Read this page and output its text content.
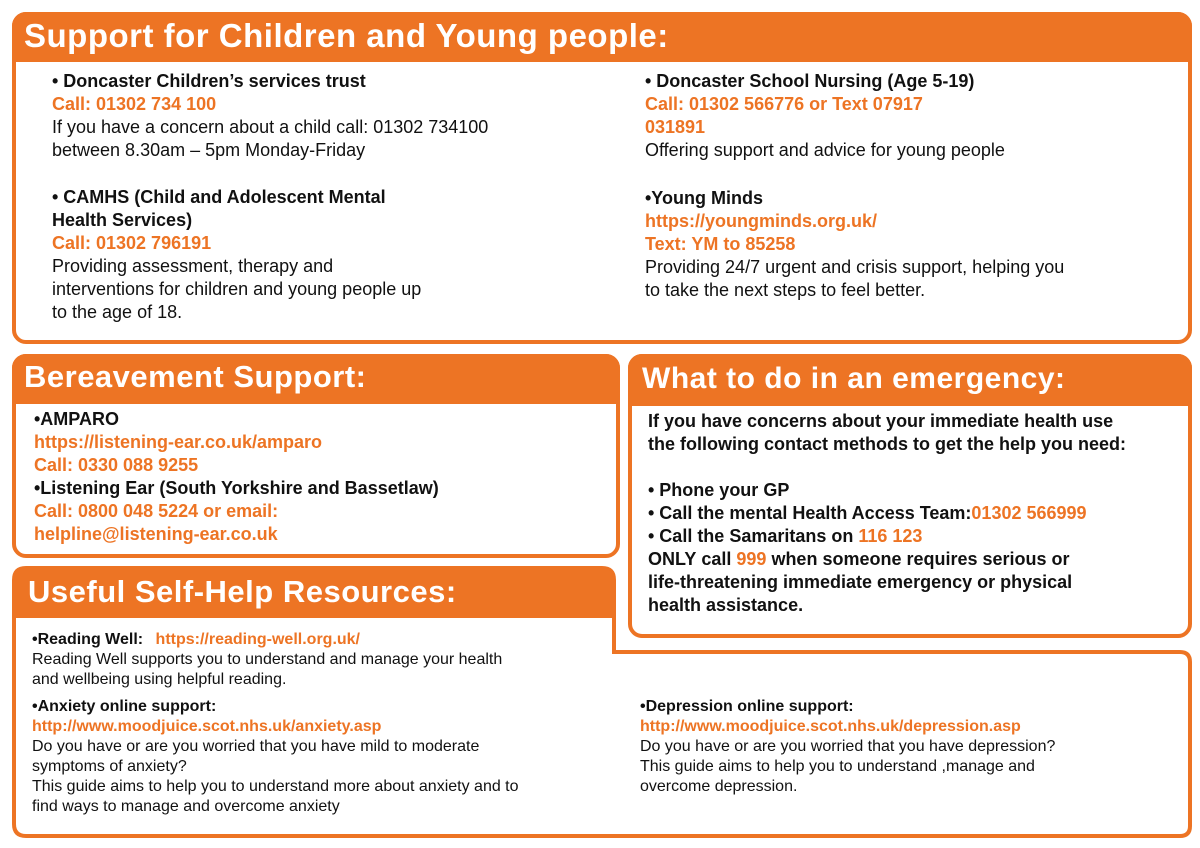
Support for Children and Young people:
• Doncaster Children’s services trust
Call: 01302 734 100
If you have a concern about a child call: 01302 734100
between 8.30am – 5pm Monday-Friday
• CAMHS (Child and Adolescent Mental
Health Services)
Call: 01302 796191
Providing assessment, therapy and
interventions for children and young people up
to the age of 18.
• Doncaster School Nursing (Age 5-19)
Call: 01302 566776 or Text 07917
031891
Offering support and advice for young people
•Young Minds
https://youngminds.org.uk/
Text: YM to 85258
Providing 24/7 urgent and crisis support, helping you
to take the next steps to feel better.
Bereavement Support:
•AMPARO
https://listening-ear.co.uk/amparo
Call: 0330 088 9255
•Listening Ear (South Yorkshire and Bassetlaw)
Call: 0800 048 5224 or email:
helpline@listening-ear.co.uk
What to do in an emergency:
If you have concerns about your immediate health use
the following contact methods to get the help you need:
• Phone your GP
• Call the mental Health Access Team:01302 566999
• Call the Samaritans on 116 123
ONLY call 999 when someone requires serious or
life-threatening immediate emergency or physical
health assistance.
Useful Self-Help Resources:
•Reading Well: https://reading-well.org.uk/
Reading Well supports you to understand and manage your health
and wellbeing using helpful reading.
•Anxiety online support:
http://www.moodjuice.scot.nhs.uk/anxiety.asp
Do you have or are you worried that you have mild to moderate
symptoms of anxiety?
This guide aims to help you to understand more about anxiety and to
find ways to manage and overcome anxiety
•Depression online support:
http://www.moodjuice.scot.nhs.uk/depression.asp
Do you have or are you worried that you have depression?
This guide aims to help you to understand ,manage and
overcome depression.
